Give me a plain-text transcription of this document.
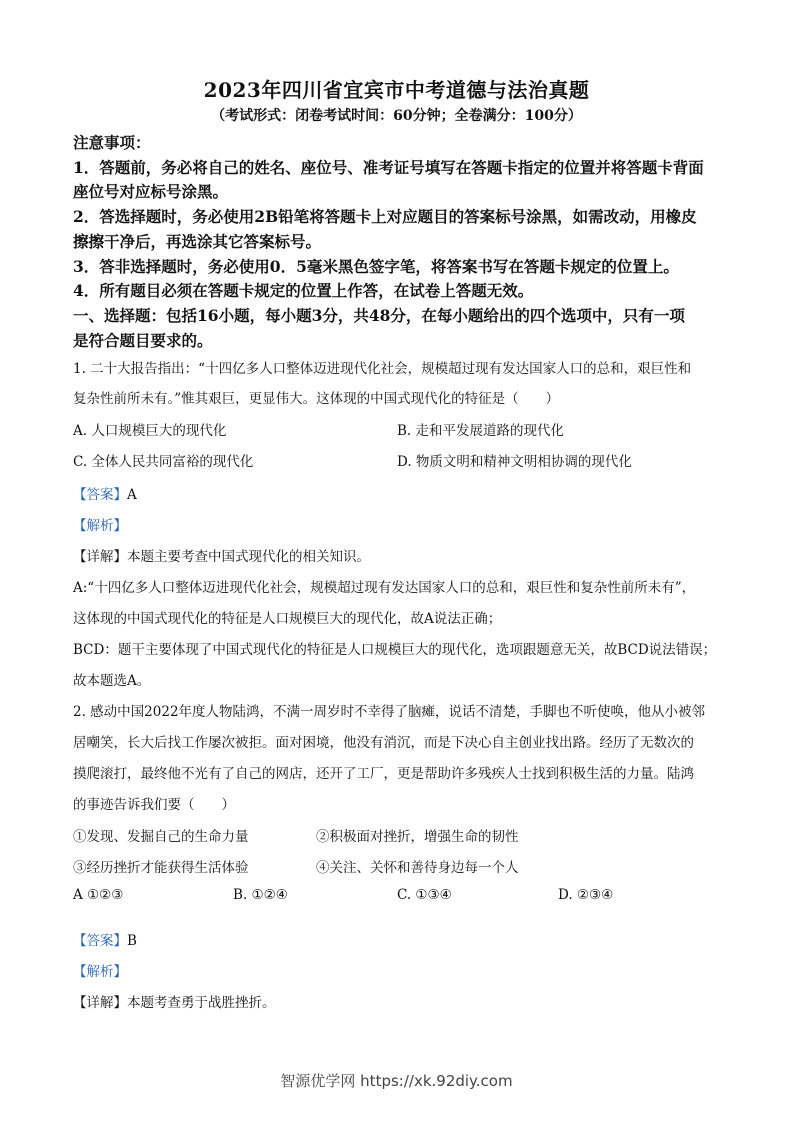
2023年四川省宜宾市中考道德与法治真题
（考试形式：闭卷考试时间：60分钟；全卷满分：100分）
注意事项：
1．答题前，务必将自己的姓名、座位号、准考证号填写在答题卡指定的位置并将答题卡背面
座位号对应标号涂黑。
2．答选择题时，务必使用2B铅笔将答题卡上对应题目的答案标号涂黑，如需改动，用橡皮
擦擦干净后，再选涂其它答案标号。
3．答非选择题时，务必使用0．5毫米黑色签字笔，将答案书写在答题卡规定的位置上。
4．所有题目必须在答题卡规定的位置上作答，在试卷上答题无效。
一、选择题：包括16小题，每小题3分，共48分，在每小题给出的四个选项中，只有一项
是符合题目要求的。
1. 二十大报告指出：“十四亿多人口整体迈进现代化社会，规模超过现有发达国家人口的总和，艰巨性和
复杂性前所未有。”惟其艰巨，更显伟大。这体现的中国式现代化的特征是（　　）
A. 人口规模巨大的现代化	B. 走和平发展道路的现代化
C. 全体人民共同富裕的现代化	D. 物质文明和精神文明相协调的现代化
【答案】A
【解析】
【详解】本题主要考查中国式现代化的相关知识。
A:“十四亿多人口整体迈进现代化社会，规模超过现有发达国家人口的总和，艰巨性和复杂性前所未有”，
这体现的中国式现代化的特征是人口规模巨大的现代化，故A说法正确；
BCD：题干主要体现了中国式现代化的特征是人口规模巨大的现代化，选项跟题意无关，故BCD说法错误；
故本题选A。
2. 感动中国2022年度人物陆鸿，不满一周岁时不幸得了脑瘫，说话不清楚，手脚也不听使唤，他从小被邻
居嘲笑，长大后找工作屡次被拒。面对困境，他没有消沉，而是下决心自主创业找出路。经历了无数次的
摸爬滚打，最终他不光有了自己的网店，还开了工厂，更是帮助许多残疾人士找到积极生活的力量。陆鸿
的事迹告诉我们要（　　）
①发现、发掘自己的生命力量	②积极面对挫折，增强生命的韧性
③经历挫折才能获得生活体验	④关注、关怀和善待身边每一个人
A ①②③	B. ①②④	C. ①③④	D. ②③④
【答案】B
【解析】
【详解】本题考查勇于战胜挫折。
智源优学网 https://xk.92diy.com
